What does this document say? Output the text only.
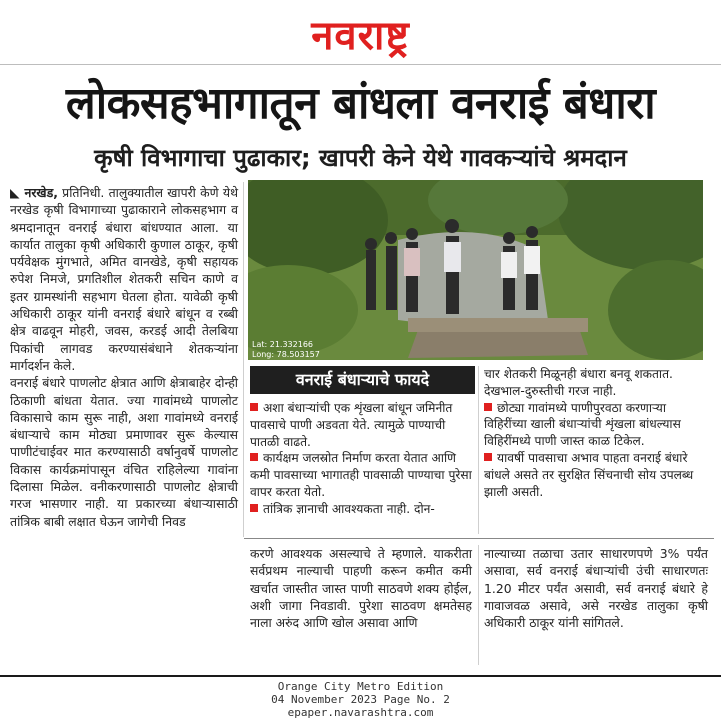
नवराष्ट्र
लोकसहभागातून बांधला वनराई बंधारा
कृषी विभागाचा पुढाकार; खापरी केने येथे गावकऱ्यांचे श्रमदान
◣ नरखेड, प्रतिनिधी. तालुक्यातील खापरी केणे येथे नरखेड कृषी विभागाच्या पुढाकाराने लोकसहभाग व श्रमदानातून वनराई बंधारा बांधण्यात आला. या कार्यात तालुका कृषी अधिकारी कुणाल ठाकूर, कृषी पर्यवेक्षक मुंगभाते, अमित वानखेडे, कृषी सहायक रुपेश निमजे, प्रगतिशील शेतकरी सचिन काणे व इतर ग्रामस्थांनी सहभाग घेतला होता. यावेळी कृषी अधिकारी ठाकूर यांनी वनराई बंधारे बांधून व रब्बी क्षेत्र वाढवून मोहरी, जवस, करडई आदी तेलबिया पिकांची लागवड करण्यासंबंधाने शेतकऱ्यांना मार्गदर्शन केले.
वनराई बंधारे पाणलोट क्षेत्रात आणि क्षेत्राबाहेर दोन्ही ठिकाणी बांधता येतात. ज्या गावांमध्ये पाणलोट विकासाचे काम सुरू नाही, अशा गावांमध्ये वनराई बंधाऱ्याचे काम मोठ्या प्रमाणावर सुरू केल्यास पाणीटंचाईवर मात करण्यासाठी वर्षानुवर्षे पाणलोट विकास कार्यक्रमांपासून वंचित राहिलेल्या गावांना दिलासा मिळेल. वनीकरणासाठी पाणलोट क्षेत्राची गरज भासणार नाही. या प्रकारच्या बंधाऱ्यासाठी तांत्रिक बाबी लक्षात घेऊन जागेची निवड
Lat: 21.332166
Long: 78.503157
वनराई बंधाऱ्याचे फायदे
अशा बंधाऱ्यांची एक शृंखला बांधून जमिनीत पावसाचे पाणी अडवता येते. त्यामुळे पाण्याची पातळी वाढते.
कार्यक्षम जलस्रोत निर्माण करता येतात आणि कमी पावसाच्या भागातही पावसाळी पाण्याचा पुरेसा वापर करता येतो.
तांत्रिक ज्ञानाची आवश्यकता नाही. दोन-
चार शेतकरी मिळूनही बंधारा बनवू शकतात. देखभाल-दुरुस्तीची गरज नाही.
छोट्या गावांमध्ये पाणीपुरवठा करणाऱ्या विहिरींच्या खाली बंधाऱ्यांची शृंखला बांधल्यास विहिरींमध्ये पाणी जास्त काळ टिकेल.
यावर्षी पावसाचा अभाव पाहता वनराई बंधारे बांधले असते तर सुरक्षित सिंचनाची सोय उपलब्ध झाली असती.
करणे आवश्यक असल्याचे ते म्हणाले. याकरीता सर्वप्रथम नाल्याची पाहणी करून कमीत कमी खर्चात जास्तीत जास्त पाणी साठवणे शक्य होईल, अशी जागा निवडावी. पुरेशा साठवण क्षमतेसह नाला अरुंद आणि खोल असावा आणि
नाल्याच्या तळाचा उतार साधारणपणे 3% पर्यंत असावा, सर्व वनराई बंधाऱ्यांची उंची साधारणतः 1.20 मीटर पर्यंत असावी, सर्व वनराई बंधारे हे गावाजवळ असावे, असे नरखेड तालुका कृषी अधिकारी ठाकूर यांनी सांगितले.
Orange City Metro Edition
04 November 2023 Page No. 2
epaper.navarashtra.com
